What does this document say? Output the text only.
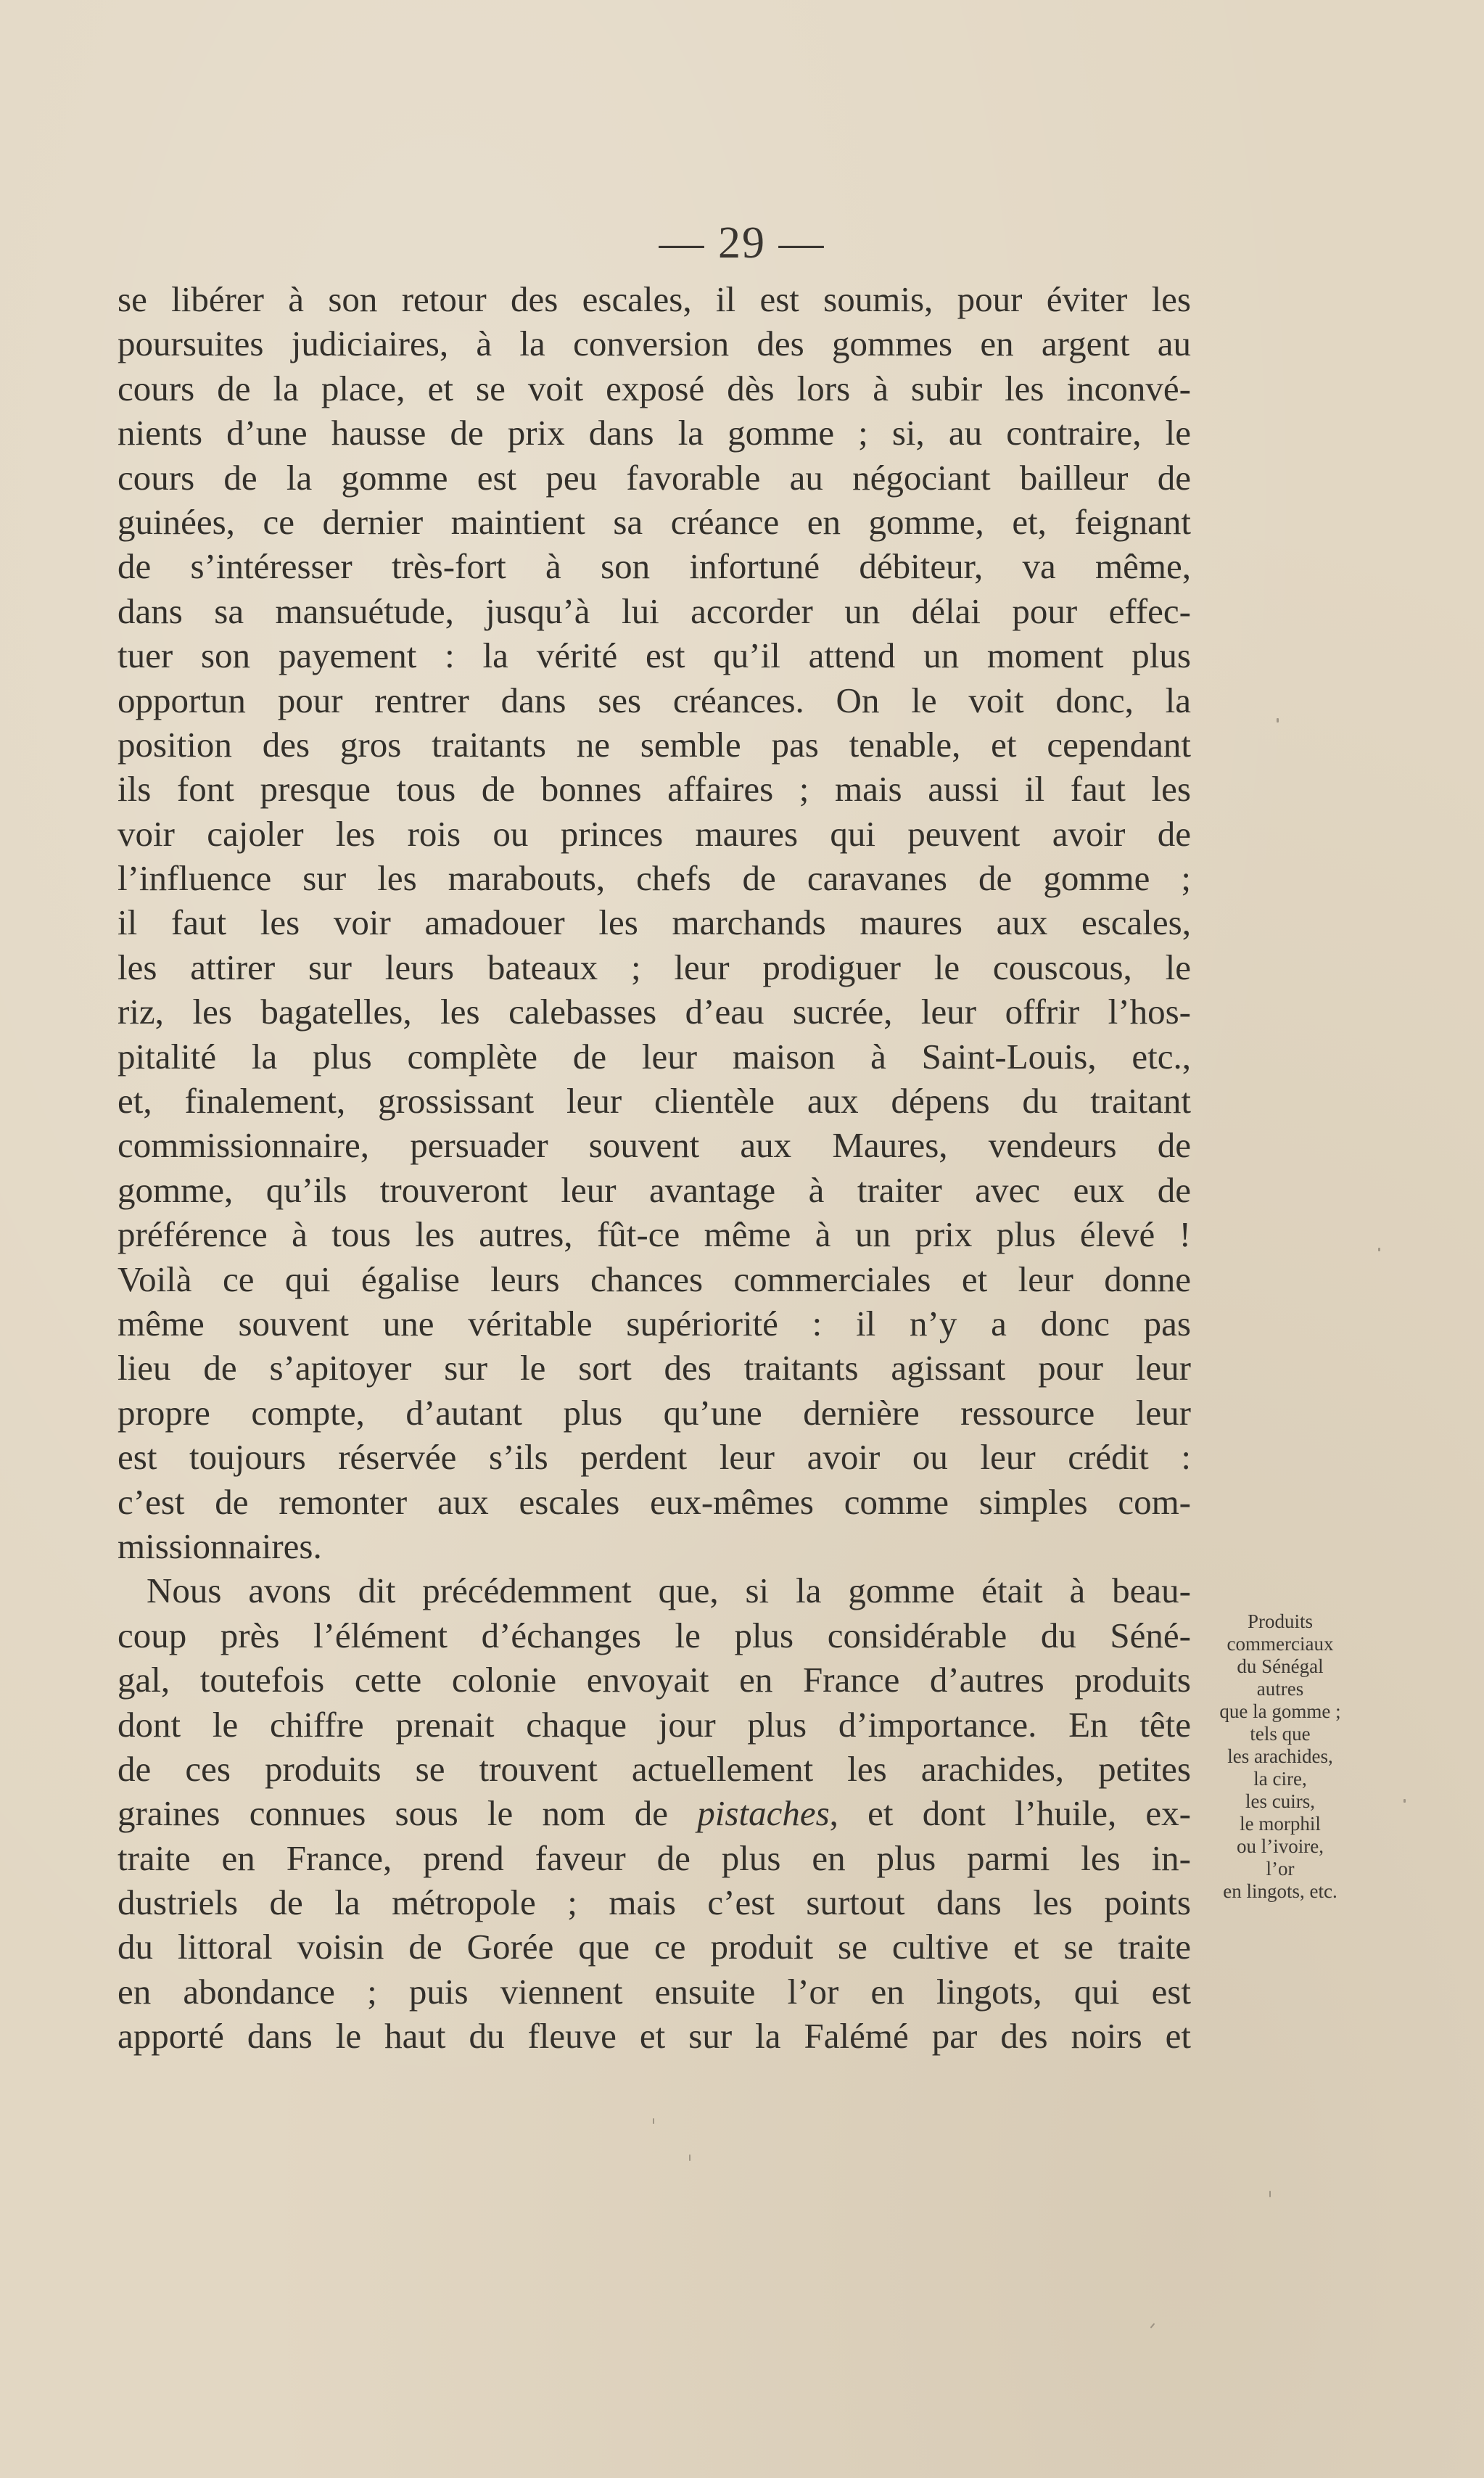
— 29 —
se libérer à son retour des escales, il est soumis, pour éviter les
poursuites judiciaires, à la conversion des gommes en argent au
cours de la place, et se voit exposé dès lors à subir les inconvé-
nients d’une hausse de prix dans la gomme ; si, au contraire, le
cours de la gomme est peu favorable au négociant bailleur de
guinées, ce dernier maintient sa créance en gomme, et, feignant
de s’intéresser très-fort à son infortuné débiteur, va même,
dans sa mansuétude, jusqu’à lui accorder un délai pour effec-
tuer son payement : la vérité est qu’il attend un moment plus
opportun pour rentrer dans ses créances. On le voit donc, la
position des gros traitants ne semble pas tenable, et cependant
ils font presque tous de bonnes affaires ; mais aussi il faut les
voir cajoler les rois ou princes maures qui peuvent avoir de
l’influence sur les marabouts, chefs de caravanes de gomme ;
il faut les voir amadouer les marchands maures aux escales,
les attirer sur leurs bateaux ; leur prodiguer le couscous, le
riz, les bagatelles, les calebasses d’eau sucrée, leur offrir l’hos-
pitalité la plus complète de leur maison à Saint-Louis, etc.,
et, finalement, grossissant leur clientèle aux dépens du traitant
commissionnaire, persuader souvent aux Maures, vendeurs de
gomme, qu’ils trouveront leur avantage à traiter avec eux de
préférence à tous les autres, fût-ce même à un prix plus élevé !
Voilà ce qui égalise leurs chances commerciales et leur donne
même souvent une véritable supériorité : il n’y a donc pas
lieu de s’apitoyer sur le sort des traitants agissant pour leur
propre compte, d’autant plus qu’une dernière ressource leur
est toujours réservée s’ils perdent leur avoir ou leur crédit :
c’est de remonter aux escales eux-mêmes comme simples com-
missionnaires.
Nous avons dit précédemment que, si la gomme était à beau-
coup près l’élément d’échanges le plus considérable du Séné-
gal, toutefois cette colonie envoyait en France d’autres produits
dont le chiffre prenait chaque jour plus d’importance. En tête
de ces produits se trouvent actuellement les arachides, petites
graines connues sous le nom de pistaches, et dont l’huile, ex-
traite en France, prend faveur de plus en plus parmi les in-
dustriels de la métropole ; mais c’est surtout dans les points
du littoral voisin de Gorée que ce produit se cultive et se traite
en abondance ; puis viennent ensuite l’or en lingots, qui est
apporté dans le haut du fleuve et sur la Falémé par des noirs et
Produits
commerciaux
du Sénégal
autres
que la gomme ;
tels que
les arachides,
la cire,
les cuirs,
le morphil
ou l’ivoire,
l’or
en lingots, etc.
